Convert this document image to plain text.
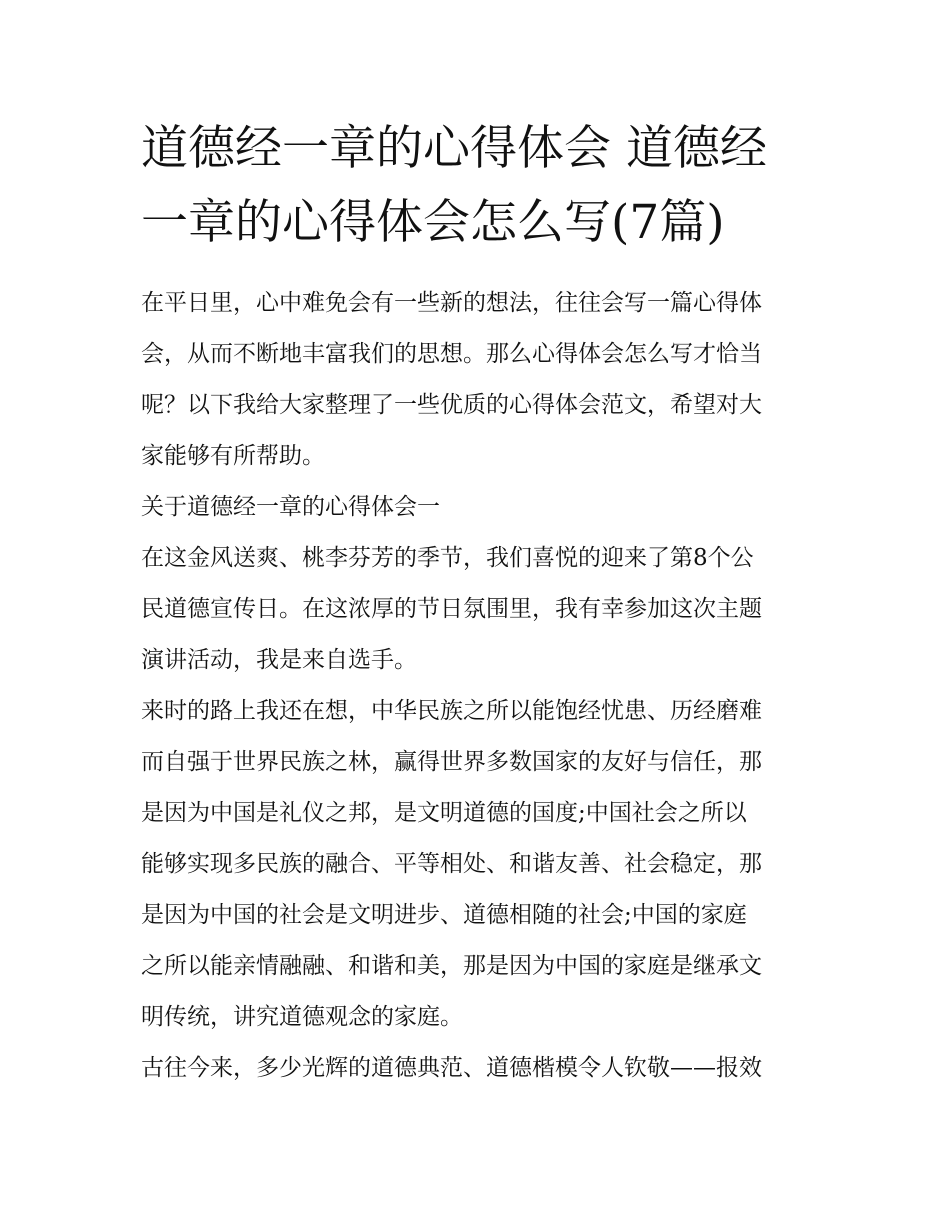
道德经一章的心得体会 道德经
一章的心得体会怎么写(7篇)

在平日里，心中难免会有一些新的想法，往往会写一篇心得体
会，从而不断地丰富我们的思想。那么心得体会怎么写才恰当
呢？以下我给大家整理了一些优质的心得体会范文，希望对大
家能够有所帮助。

关于道德经一章的心得体会一

在这金风送爽、桃李芬芳的季节，我们喜悦的迎来了第8个公
民道德宣传日。在这浓厚的节日氛围里，我有幸参加这次主题
演讲活动，我是来自选手。

来时的路上我还在想，中华民族之所以能饱经忧患、历经磨难
而自强于世界民族之林，赢得世界多数国家的友好与信任，那
是因为中国是礼仪之邦，是文明道德的国度;中国社会之所以
能够实现多民族的融合、平等相处、和谐友善、社会稳定，那
是因为中国的社会是文明进步、道德相随的社会;中国的家庭
之所以能亲情融融、和谐和美，那是因为中国的家庭是继承文
明传统，讲究道德观念的家庭。

古往今来，多少光辉的道德典范、道德楷模令人钦敬——报效
